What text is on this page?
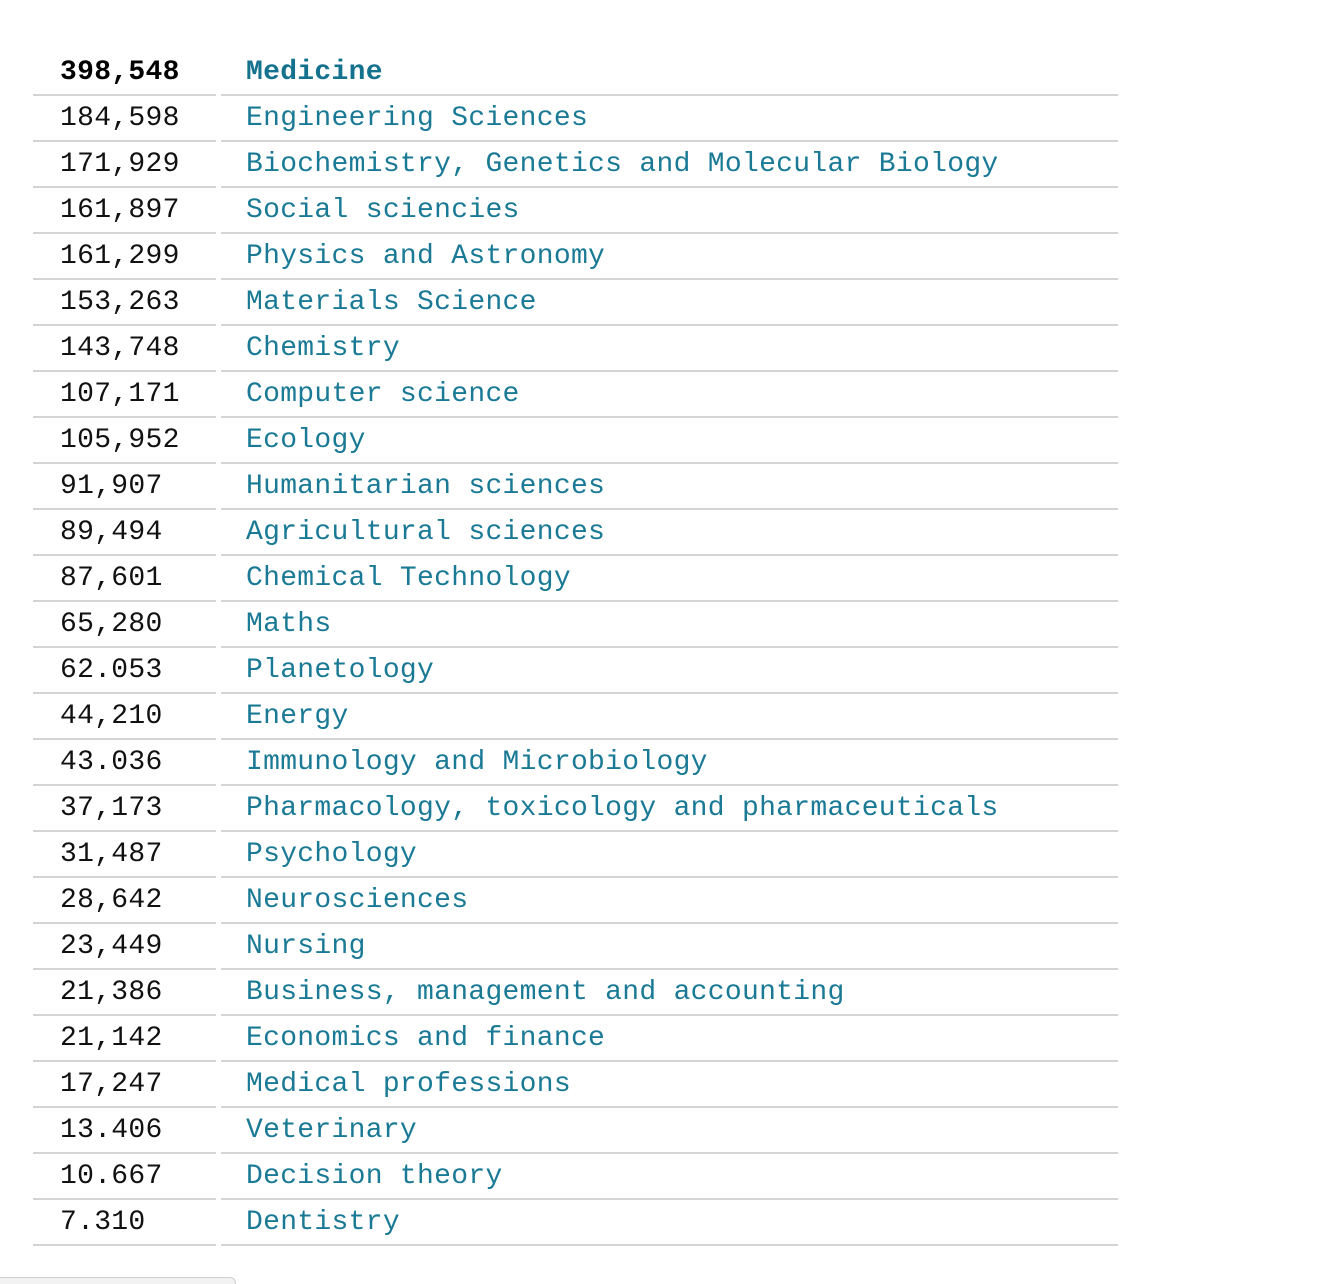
398,548	Medicine
184,598	Engineering Sciences
171,929	Biochemistry, Genetics and Molecular Biology
161,897	Social sciencies
161,299	Physics and Astronomy
153,263	Materials Science
143,748	Chemistry
107,171	Computer science
105,952	Ecology
91,907	Humanitarian sciences
89,494	Agricultural sciences
87,601	Chemical Technology
65,280	Maths
62.053	Planetology
44,210	Energy
43.036	Immunology and Microbiology
37,173	Pharmacology, toxicology and pharmaceuticals
31,487	Psychology
28,642	Neurosciences
23,449	Nursing
21,386	Business, management and accounting
21,142	Economics and finance
17,247	Medical professions
13.406	Veterinary
10.667	Decision theory
7.310	Dentistry
